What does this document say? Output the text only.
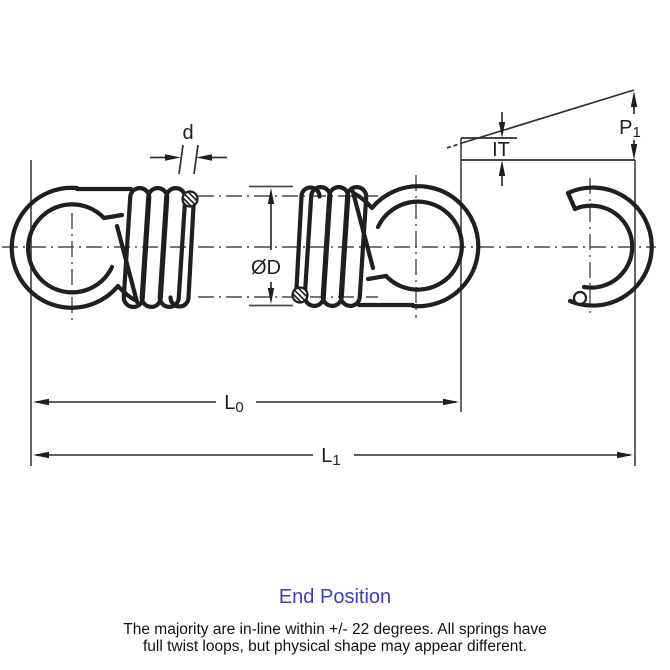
IT
P1
d
ØD
L0
L1
End Position
The majority are in-line within +/- 22 degrees. All springs have
full twist loops, but physical shape may appear different.
